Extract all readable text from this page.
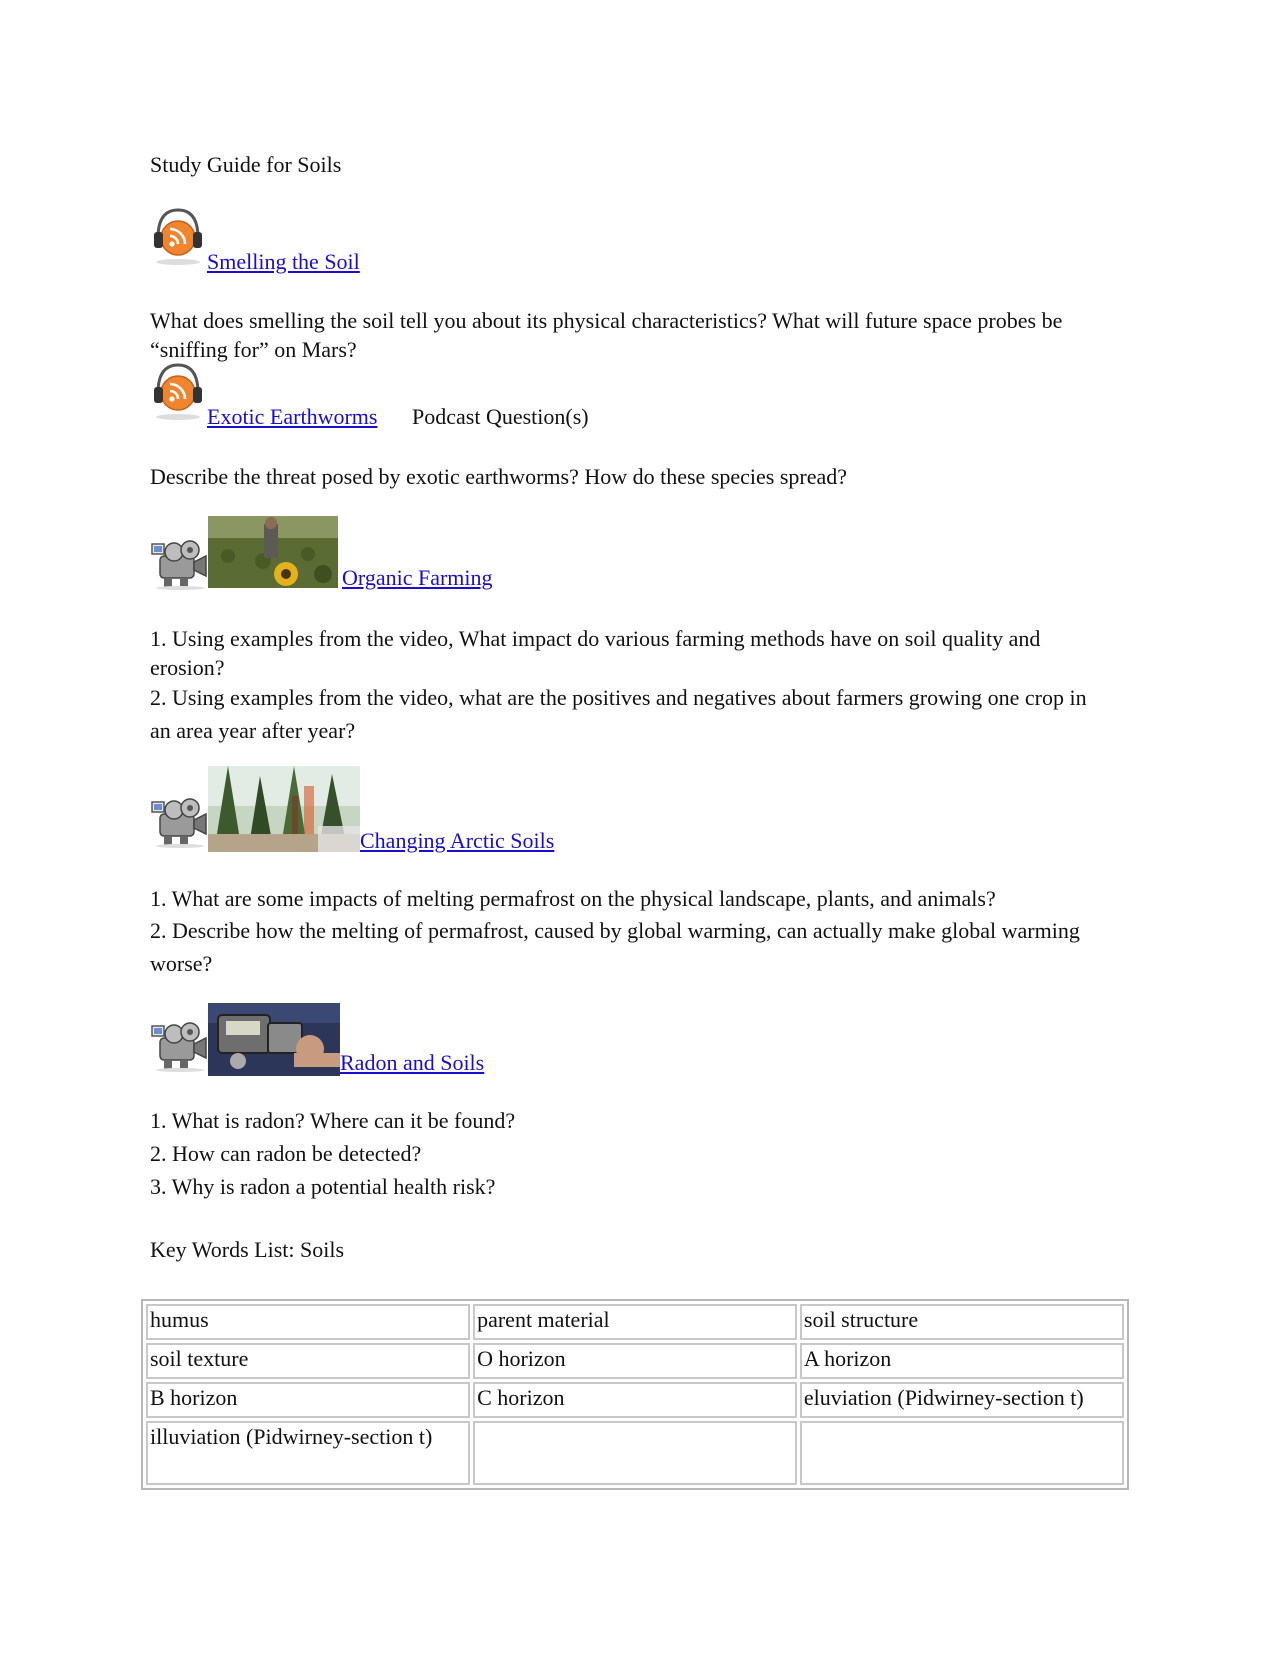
Study Guide for Soils

Smelling the Soil

What does smelling the soil tell you about its physical characteristics? What will future space probes be “sniffing for” on Mars?

Exotic Earthworms Podcast Question(s)

Describe the threat posed by exotic earthworms? How do these species spread?

Organic Farming

1. Using examples from the video, What impact do various farming methods have on soil quality and erosion?

2. Using examples from the video, what are the positives and negatives about farmers growing one crop in an area year after year?

Changing Arctic Soils

1. What are some impacts of melting permafrost on the physical landscape, plants, and animals?

2. Describe how the melting of permafrost, caused by global warming, can actually make global warming worse?

Radon and Soils

1. What is radon? Where can it be found?

2. How can radon be detected?

3. Why is radon a potential health risk?

Key Words List: Soils

humus	parent material	soil structure
soil texture	O horizon	A horizon
B horizon	C horizon	eluviation (Pidwirney-section t)
illuviation (Pidwirney-section t)		
